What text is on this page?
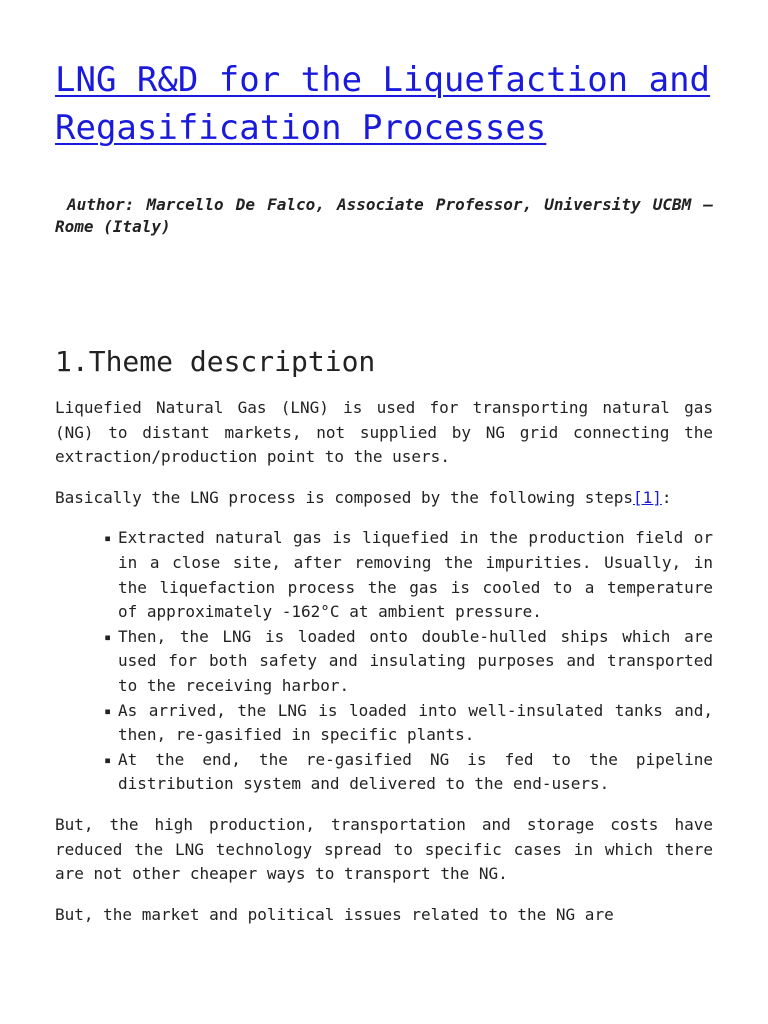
LNG R&D for the Liquefaction and Regasification Processes

Author: Marcello De Falco, Associate Professor, University UCBM – Rome (Italy)

1.Theme description

Liquefied Natural Gas (LNG) is used for transporting natural gas (NG) to distant markets, not supplied by NG grid connecting the extraction/production point to the users.

Basically the LNG process is composed by the following steps[1]:

▪ Extracted natural gas is liquefied in the production field or in a close site, after removing the impurities. Usually, in the liquefaction process the gas is cooled to a temperature of approximately -162°C at ambient pressure.
▪ Then, the LNG is loaded onto double-hulled ships which are used for both safety and insulating purposes and transported to the receiving harbor.
▪ As arrived, the LNG is loaded into well-insulated tanks and, then, re-gasified in specific plants.
▪ At the end, the re-gasified NG is fed to the pipeline distribution system and delivered to the end-users.

But, the high production, transportation and storage costs have reduced the LNG technology spread to specific cases in which there are not other cheaper ways to transport the NG.

But, the market and political issues related to the NG are
